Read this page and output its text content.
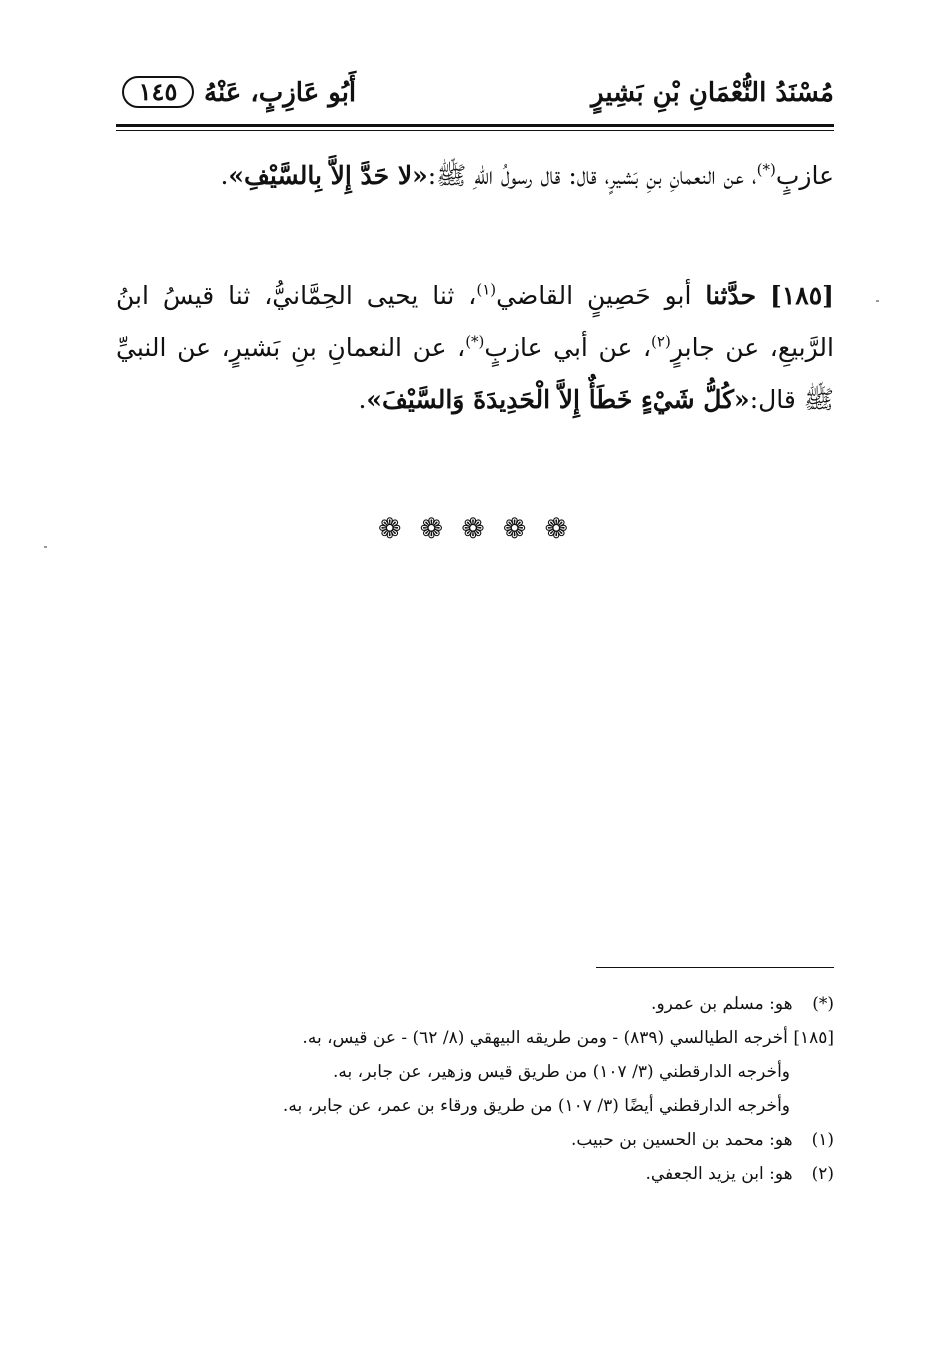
مُسْنَدُ النُّعْمَانِ بْنِ بَشِيرٍ
أَبُو عَازِبٍ، عَنْهُ
١٤٥
عازبٍ(*)، عن النعمانِ بنِ بَشيرٍ، قال: قال رسولُ اللهِ ﷺ:«لا حَدَّ إِلاَّ بِالسَّيْفِ».
[١٨٥] حدَّثنا أبو حَصِينٍ القاضي$^{(١)}$، ثنا يحيى الحِمَّانيُّ، ثنا قيسُ ابنُ الرَّبيعِ، عن جابرٍ$^{(٢)}$، عن أبي عازبٍ(*)، عن النعمانِ بنِ بَشيرٍ، عن النبيِّ ﷺ قال:«كُلُّ شَيْءٍ خَطَأٌ إِلاَّ الْحَدِيدَةَ وَالسَّيْفَ».
❁ ❁ ❁ ❁ ❁
(*) هو: مسلم بن عمرو.
[١٨٥] أخرجه الطيالسي (٨٣٩) - ومن طريقه البيهقي (٨/ ٦٢) - عن قيس، به.
وأخرجه الدارقطني (٣/ ١٠٧) من طريق قيس وزهير، عن جابر، به.
وأخرجه الدارقطني أيضًا (٣/ ١٠٧) من طريق ورقاء بن عمر، عن جابر، به.
(١) هو: محمد بن الحسين بن حبيب.
(٢) هو: ابن يزيد الجعفي.
